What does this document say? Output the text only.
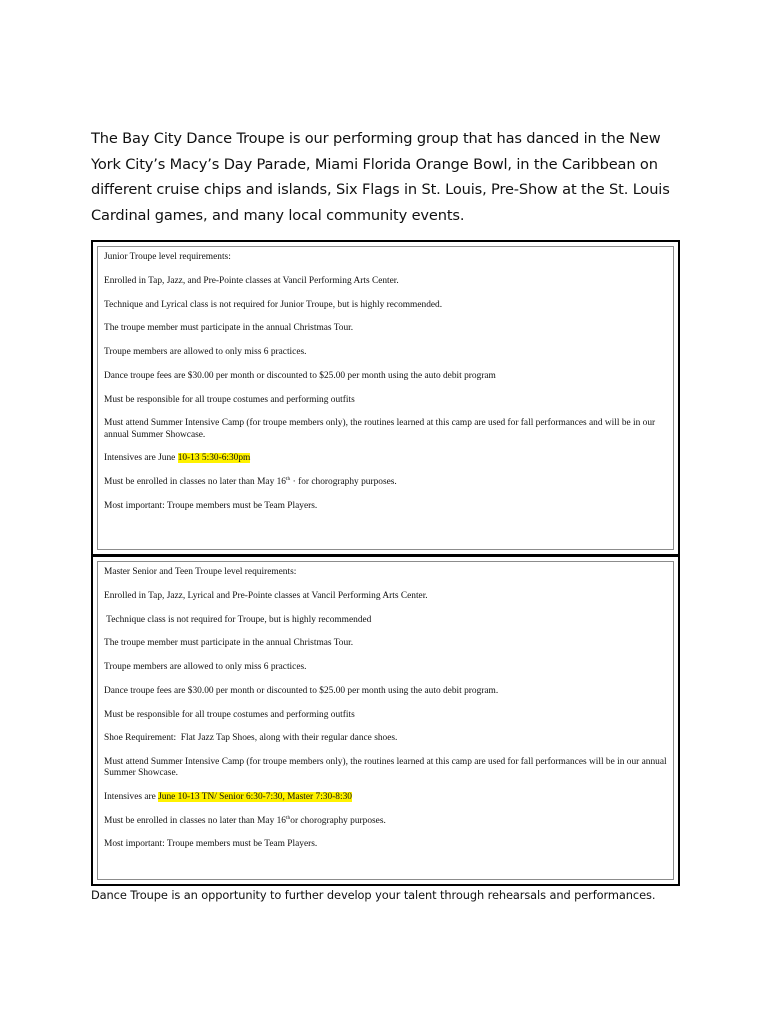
The Bay City Dance Troupe is our performing group that has danced in the New York City’s Macy’s Day Parade, Miami Florida Orange Bowl, in the Caribbean on different cruise chips and islands, Six Flags in St. Louis, Pre-Show at the St. Louis Cardinal games, and many local community events.

Junior Troupe level requirements:

Enrolled in Tap, Jazz, and Pre-Pointe classes at Vancil Performing Arts Center.

Technique and Lyrical class is not required for Junior Troupe, but is highly recommended.

The troupe member must participate in the annual Christmas Tour.

Troupe members are allowed to only miss 6 practices.

Dance troupe fees are $30.00 per month or discounted to $25.00 per month using the auto debit program

Must be responsible for all troupe costumes and performing outfits

Must attend Summer Intensive Camp (for troupe members only), the routines learned at this camp are used for fall performances and will be in our annual Summer Showcase.

Intensives are June 10-13 5:30-6:30pm

Must be enrolled in classes no later than May 16th · for chorography purposes.

Most important: Troupe members must be Team Players.

Master Senior and Teen Troupe level requirements:

Enrolled in Tap, Jazz, Lyrical and Pre-Pointe classes at Vancil Performing Arts Center.

Technique class is not required for Troupe, but is highly recommended

The troupe member must participate in the annual Christmas Tour.

Troupe members are allowed to only miss 6 practices.

Dance troupe fees are $30.00 per month or discounted to $25.00 per month using the auto debit program.

Must be responsible for all troupe costumes and performing outfits

Shoe Requirement:  Flat Jazz Tap Shoes, along with their regular dance shoes.

Must attend Summer Intensive Camp (for troupe members only), the routines learned at this camp are used for fall performances will be in our annual Summer Showcase.

Intensives are June 10-13 TN/ Senior 6:30-7:30, Master 7:30-8:30

Must be enrolled in classes no later than May 16thor chorography purposes.

Most important: Troupe members must be Team Players.

Dance Troupe is an opportunity to further develop your talent through rehearsals and performances.
